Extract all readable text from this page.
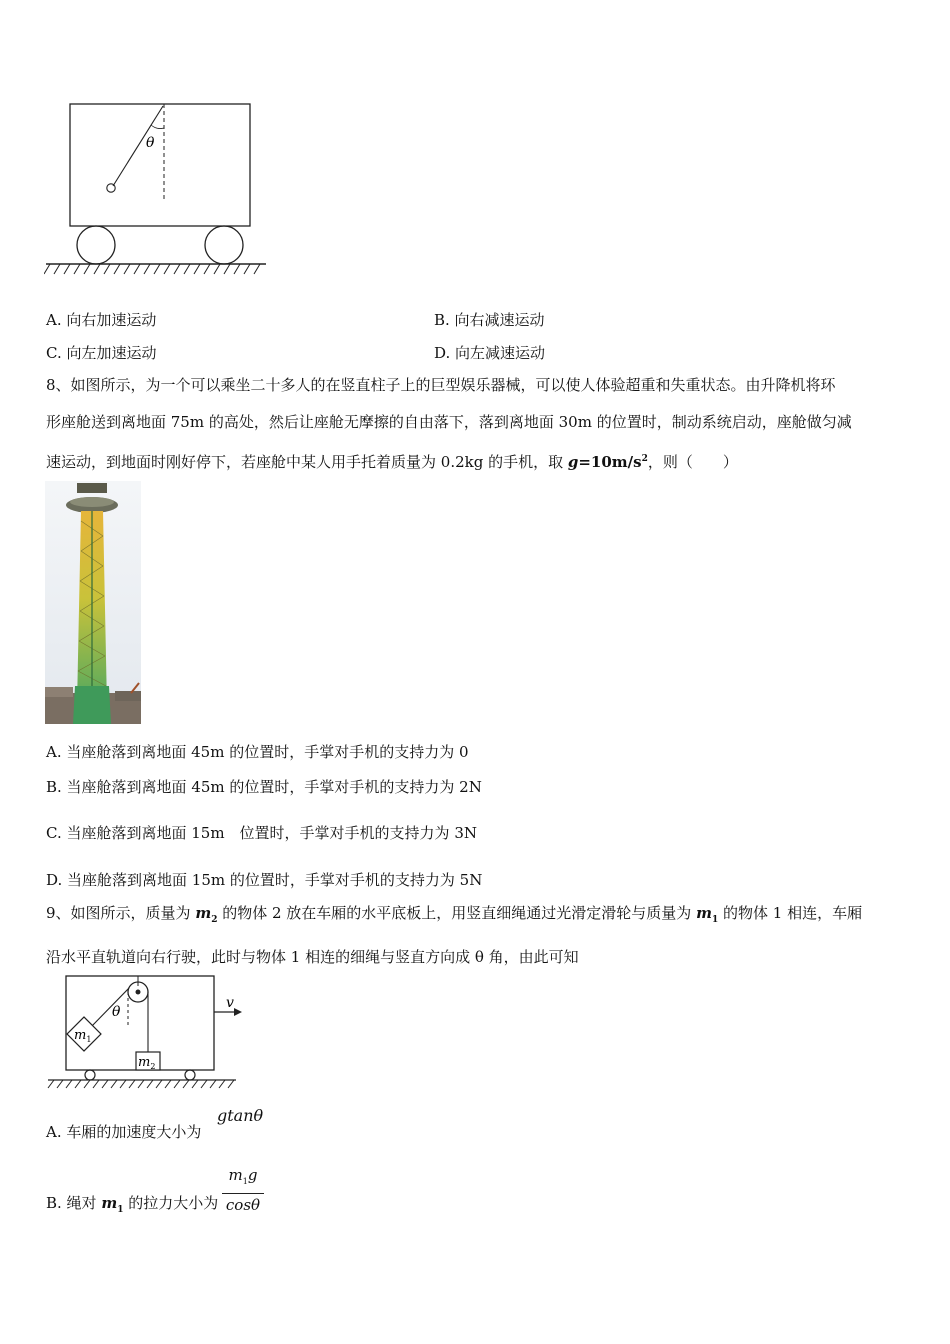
θ
A. 向右加速运动	B. 向右减速运动
C. 向左加速运动	D. 向左减速运动
8、如图所示，为一个可以乘坐二十多人的在竖直柱子上的巨型娱乐器械，可以使人体验超重和失重状态。由升降机将环
形座舱送到离地面 75m 的高处，然后让座舱无摩擦的自由落下，落到离地面 30m 的位置时，制动系统启动，座舱做匀减
速运动，到地面时刚好停下，若座舱中某人用手托着质量为 0.2kg 的手机，取 $g=10m/s^2$，则（　　）
A. 当座舱落到离地面 45m 的位置时，手掌对手机的支持力为 0
B. 当座舱落到离地面 45m 的位置时，手掌对手机的支持力为 2N
C. 当座舱落到离地面 15m　位置时，手掌对手机的支持力为 3N
D. 当座舱落到离地面 15m 的位置时，手掌对手机的支持力为 5N
9、如图所示，质量为 $m_2$ 的物体 2 放在车厢的水平底板上，用竖直细绳通过光滑定滑轮与质量为 $m_1$ 的物体 1 相连，车厢
沿水平直轨道向右行驶，此时与物体 1 相连的细绳与竖直方向成 θ 角，由此可知
θ
$m_1$
$m_2$
v
A. 车厢的加速度大小为
gtanθ
B. 绳对 $m_1$ 的拉力大小为
$m_1g$
cosθ
